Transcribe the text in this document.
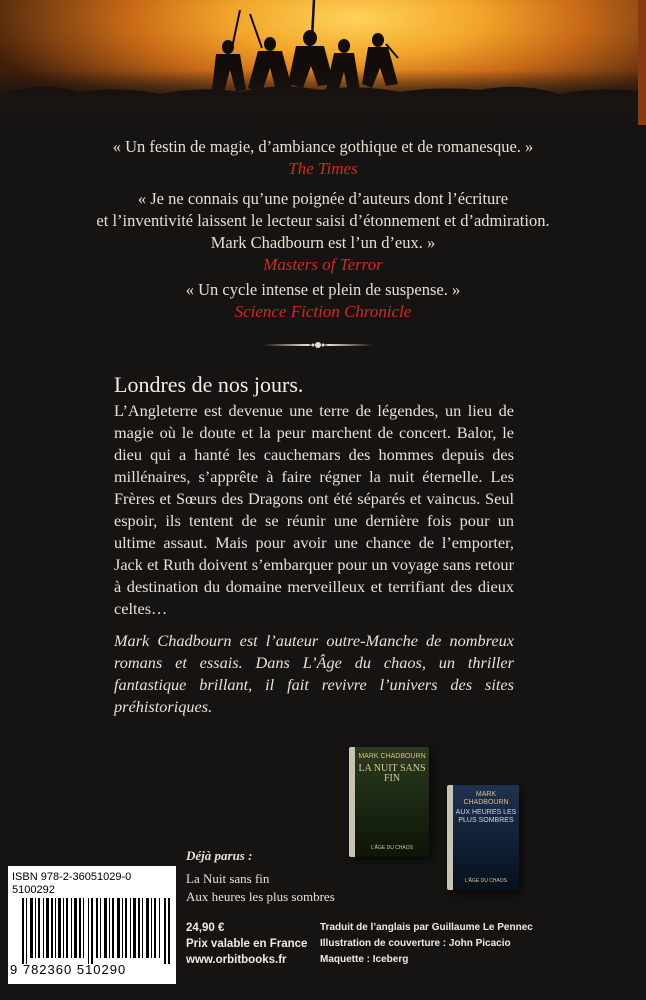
« Un festin de magie, d’ambiance gothique et de romanesque. »
The Times
« Je ne connais qu’une poignée d’auteurs dont l’écriture
et l’inventivité laissent le lecteur saisi d’étonnement et d’admiration.
Mark Chadbourn est l’un d’eux. »
Masters of Terror
« Un cycle intense et plein de suspense. »
Science Fiction Chronicle
Londres de nos jours.
L’Angleterre est devenue une terre de légendes, un lieu de magie où le doute et la peur marchent de concert. Balor, le dieu qui a hanté les cauchemars des hommes depuis des millénaires, s’apprête à faire régner la nuit éternelle. Les Frères et Sœurs des Dragons ont été séparés et vaincus. Seul espoir, ils tentent de se réunir une dernière fois pour un ultime assaut. Mais pour avoir une chance de l’emporter, Jack et Ruth doivent s’embarquer pour un voyage sans retour à destination du domaine merveilleux et terrifiant des dieux celtes…
Mark Chadbourn est l’auteur outre-Manche de nombreux romans et essais. Dans L’Âge du chaos, un thriller fantastique brillant, il fait revivre l’univers des sites préhistoriques.
MARK CHADBOURN
LA NUIT SANS FIN
L’ÂGE DU CHAOS
MARK CHADBOURN
AUX HEURES LES PLUS SOMBRES
L’ÂGE DU CHAOS
Déjà parus :
La Nuit sans fin
Aux heures les plus sombres
ISBN 978-2-36051029-0
5100292
9 782360 510290
24,90 €
Prix valable en France
www.orbitbooks.fr
Traduit de l’anglais par Guillaume Le Pennec
Illustration de couverture : John Picacio
Maquette : Iceberg
